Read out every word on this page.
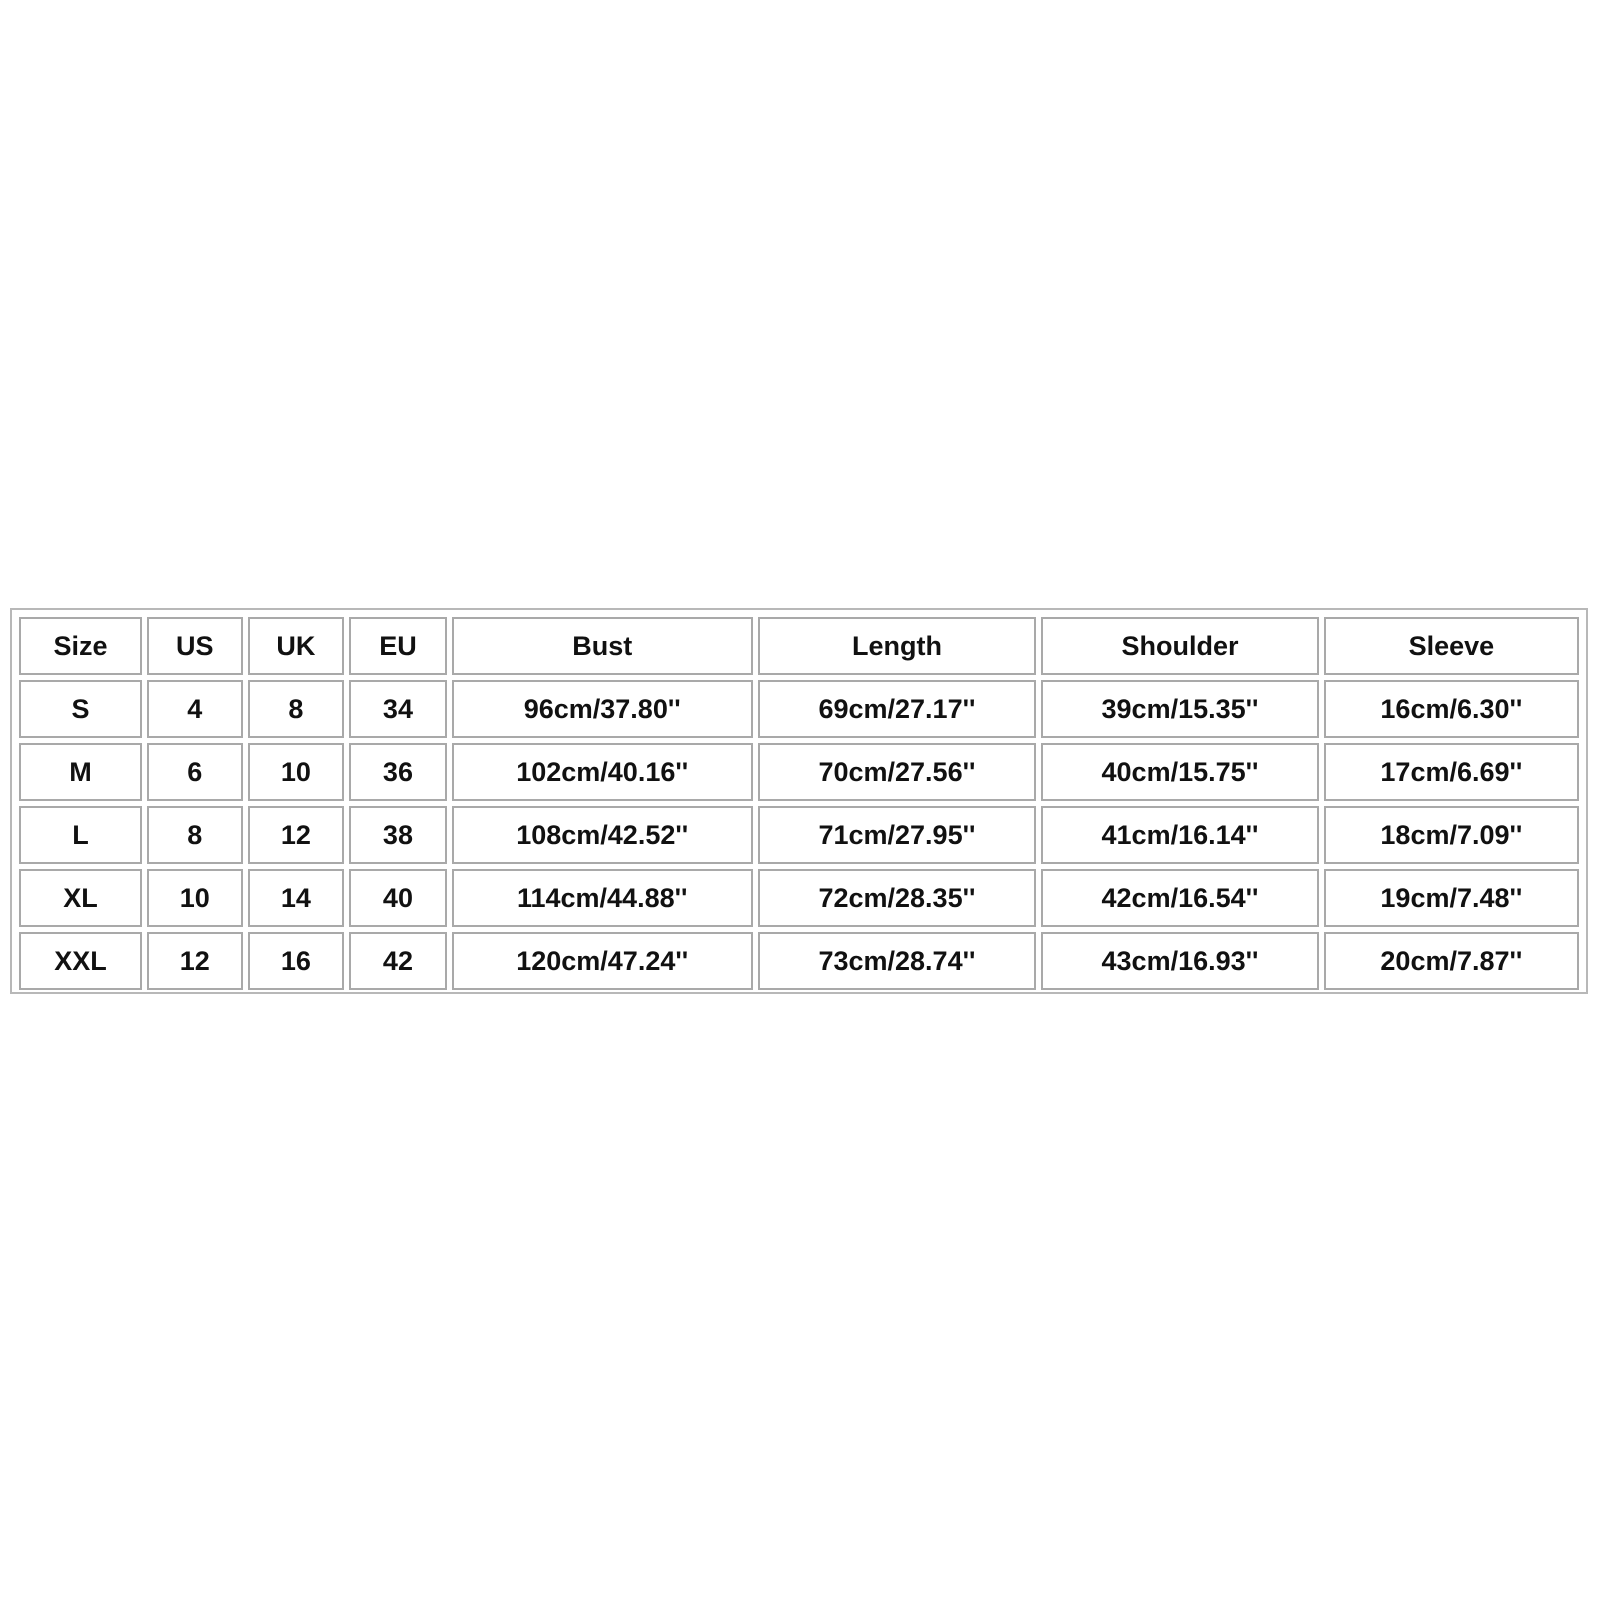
Size	US	UK	EU	Bust	Length	Shoulder	Sleeve
S	4	8	34	96cm/37.80''	69cm/27.17''	39cm/15.35''	16cm/6.30''
M	6	10	36	102cm/40.16''	70cm/27.56''	40cm/15.75''	17cm/6.69''
L	8	12	38	108cm/42.52''	71cm/27.95''	41cm/16.14''	18cm/7.09''
XL	10	14	40	114cm/44.88''	72cm/28.35''	42cm/16.54''	19cm/7.48''
XXL	12	16	42	120cm/47.24''	73cm/28.74''	43cm/16.93''	20cm/7.87''
